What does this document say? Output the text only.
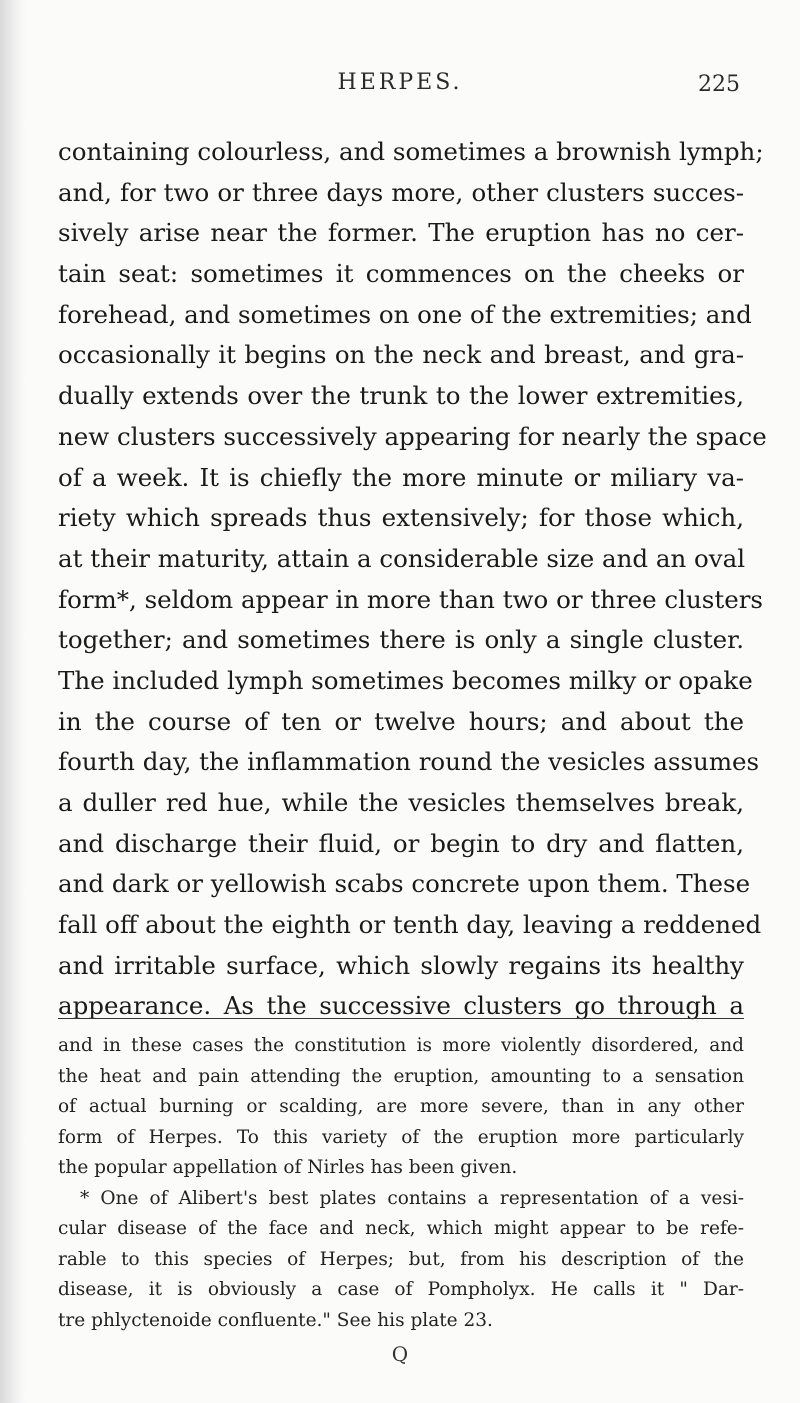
HERPES.	225
containing colourless, and sometimes a brownish lymph;
and, for two or three days more, other clusters succes-
sively arise near the former. The eruption has no cer-
tain seat: sometimes it commences on the cheeks or
forehead, and sometimes on one of the extremities; and
occasionally it begins on the neck and breast, and gra-
dually extends over the trunk to the lower extremities,
new clusters successively appearing for nearly the space
of a week. It is chiefly the more minute or miliary va-
riety which spreads thus extensively; for those which,
at their maturity, attain a considerable size and an oval
form*, seldom appear in more than two or three clusters
together; and sometimes there is only a single cluster.
The included lymph sometimes becomes milky or opake
in the course of ten or twelve hours; and about the
fourth day, the inflammation round the vesicles assumes
a duller red hue, while the vesicles themselves break,
and discharge their fluid, or begin to dry and flatten,
and dark or yellowish scabs concrete upon them. These
fall off about the eighth or tenth day, leaving a reddened
and irritable surface, which slowly regains its healthy
appearance. As the successive clusters go through a
and in these cases the constitution is more violently disordered, and
the heat and pain attending the eruption, amounting to a sensation
of actual burning or scalding, are more severe, than in any other
form of Herpes. To this variety of the eruption more particularly
the popular appellation of Nirles has been given.
* One of Alibert's best plates contains a representation of a vesi-
cular disease of the face and neck, which might appear to be refe-
rable to this species of Herpes; but, from his description of the
disease, it is obviously a case of Pompholyx. He calls it " Dar-
tre phlyctenoide confluente." See his plate 23.
Q
